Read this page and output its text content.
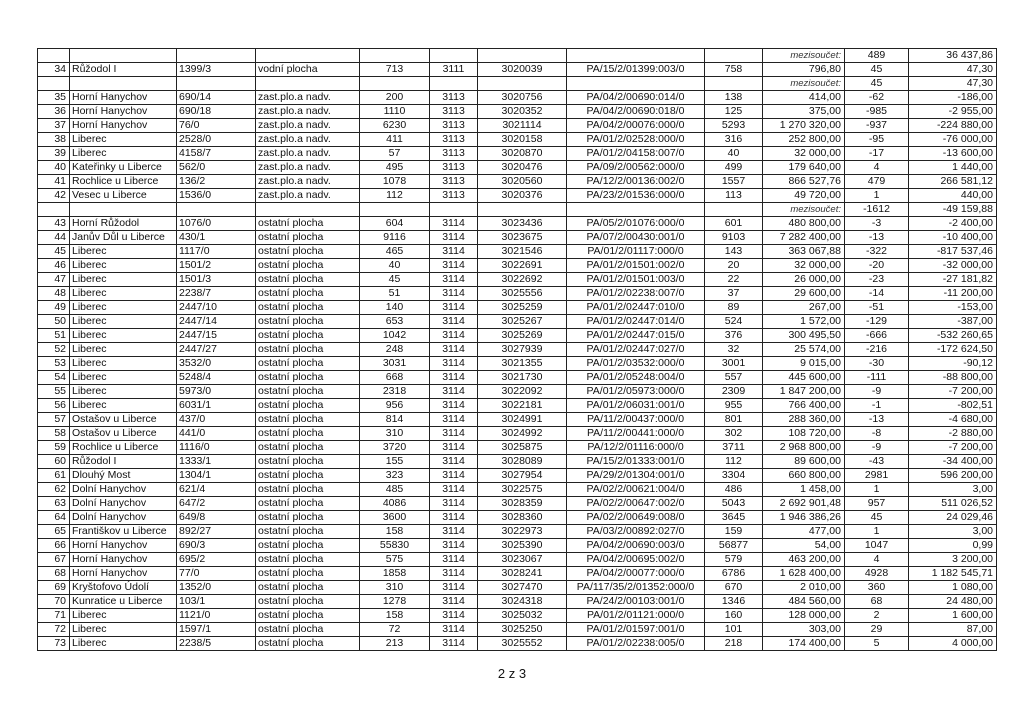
									mezisoučet:	489	36 437,86
34	Růžodol I	1399/3	vodní plocha	713	3111	3020039	PA/15/2/01399:003/0	758	796,80	45	47,30
									mezisoučet:	45	47,30
35	Horní Hanychov	690/14	zast.plo.a nadv.	200	3113	3020756	PA/04/2/00690:014/0	138	414,00	-62	-186,00
36	Horní Hanychov	690/18	zast.plo.a nadv.	1110	3113	3020352	PA/04/2/00690:018/0	125	375,00	-985	-2 955,00
37	Horní Hanychov	76/0	zast.plo.a nadv.	6230	3113	3021114	PA/04/2/00076:000/0	5293	1 270 320,00	-937	-224 880,00
38	Liberec	2528/0	zast.plo.a nadv.	411	3113	3020158	PA/01/2/02528:000/0	316	252 800,00	-95	-76 000,00
39	Liberec	4158/7	zast.plo.a nadv.	57	3113	3020870	PA/01/2/04158:007/0	40	32 000,00	-17	-13 600,00
40	Kateřinky u Liberce	562/0	zast.plo.a nadv.	495	3113	3020476	PA/09/2/00562:000/0	499	179 640,00	4	1 440,00
41	Rochlice u Liberce	136/2	zast.plo.a nadv.	1078	3113	3020560	PA/12/2/00136:002/0	1557	866 527,76	479	266 581,12
42	Vesec u Liberce	1536/0	zast.plo.a nadv.	112	3113	3020376	PA/23/2/01536:000/0	113	49 720,00	1	440,00
									mezisoučet:	-1612	-49 159,88
43	Horní Růžodol	1076/0	ostatní plocha	604	3114	3023436	PA/05/2/01076:000/0	601	480 800,00	-3	-2 400,00
44	Janův Důl u Liberce	430/1	ostatní plocha	9116	3114	3023675	PA/07/2/00430:001/0	9103	7 282 400,00	-13	-10 400,00
45	Liberec	1117/0	ostatní plocha	465	3114	3021546	PA/01/2/01117:000/0	143	363 067,88	-322	-817 537,46
46	Liberec	1501/2	ostatní plocha	40	3114	3022691	PA/01/2/01501:002/0	20	32 000,00	-20	-32 000,00
47	Liberec	1501/3	ostatní plocha	45	3114	3022692	PA/01/2/01501:003/0	22	26 000,00	-23	-27 181,82
48	Liberec	2238/7	ostatní plocha	51	3114	3025556	PA/01/2/02238:007/0	37	29 600,00	-14	-11 200,00
49	Liberec	2447/10	ostatní plocha	140	3114	3025259	PA/01/2/02447:010/0	89	267,00	-51	-153,00
50	Liberec	2447/14	ostatní plocha	653	3114	3025267	PA/01/2/02447:014/0	524	1 572,00	-129	-387,00
51	Liberec	2447/15	ostatní plocha	1042	3114	3025269	PA/01/2/02447:015/0	376	300 495,50	-666	-532 260,65
52	Liberec	2447/27	ostatní plocha	248	3114	3027939	PA/01/2/02447:027/0	32	25 574,00	-216	-172 624,50
53	Liberec	3532/0	ostatní plocha	3031	3114	3021355	PA/01/2/03532:000/0	3001	9 015,00	-30	-90,12
54	Liberec	5248/4	ostatní plocha	668	3114	3021730	PA/01/2/05248:004/0	557	445 600,00	-111	-88 800,00
55	Liberec	5973/0	ostatní plocha	2318	3114	3022092	PA/01/2/05973:000/0	2309	1 847 200,00	-9	-7 200,00
56	Liberec	6031/1	ostatní plocha	956	3114	3022181	PA/01/2/06031:001/0	955	766 400,00	-1	-802,51
57	Ostašov u Liberce	437/0	ostatní plocha	814	3114	3024991	PA/11/2/00437:000/0	801	288 360,00	-13	-4 680,00
58	Ostašov u Liberce	441/0	ostatní plocha	310	3114	3024992	PA/11/2/00441:000/0	302	108 720,00	-8	-2 880,00
59	Rochlice u Liberce	1116/0	ostatní plocha	3720	3114	3025875	PA/12/2/01116:000/0	3711	2 968 800,00	-9	-7 200,00
60	Růžodol I	1333/1	ostatní plocha	155	3114	3028089	PA/15/2/01333:001/0	112	89 600,00	-43	-34 400,00
61	Dlouhý Most	1304/1	ostatní plocha	323	3114	3027954	PA/29/2/01304:001/0	3304	660 800,00	2981	596 200,00
62	Dolní Hanychov	621/4	ostatní plocha	485	3114	3022575	PA/02/2/00621:004/0	486	1 458,00	1	3,00
63	Dolní Hanychov	647/2	ostatní plocha	4086	3114	3028359	PA/02/2/00647:002/0	5043	2 692 901,48	957	511 026,52
64	Dolní Hanychov	649/8	ostatní plocha	3600	3114	3028360	PA/02/2/00649:008/0	3645	1 946 386,26	45	24 029,46
65	Františkov u Liberce	892/27	ostatní plocha	158	3114	3022973	PA/03/2/00892:027/0	159	477,00	1	3,00
66	Horní Hanychov	690/3	ostatní plocha	55830	3114	3025390	PA/04/2/00690:003/0	56877	54,00	1047	0,99
67	Horní Hanychov	695/2	ostatní plocha	575	3114	3023067	PA/04/2/00695:002/0	579	463 200,00	4	3 200,00
68	Horní Hanychov	77/0	ostatní plocha	1858	3114	3028241	PA/04/2/00077:000/0	6786	1 628 400,00	4928	1 182 545,71
69	Kryštofovo Údolí	1352/0	ostatní plocha	310	3114	3027470	PA/117/35/2/01352:000/0	670	2 010,00	360	1 080,00
70	Kunratice u Liberce	103/1	ostatní plocha	1278	3114	3024318	PA/24/2/00103:001/0	1346	484 560,00	68	24 480,00
71	Liberec	1121/0	ostatní plocha	158	3114	3025032	PA/01/2/01121:000/0	160	128 000,00	2	1 600,00
72	Liberec	1597/1	ostatní plocha	72	3114	3025250	PA/01/2/01597:001/0	101	303,00	29	87,00
73	Liberec	2238/5	ostatní plocha	213	3114	3025552	PA/01/2/02238:005/0	218	174 400,00	5	4 000,00
2 z 3
